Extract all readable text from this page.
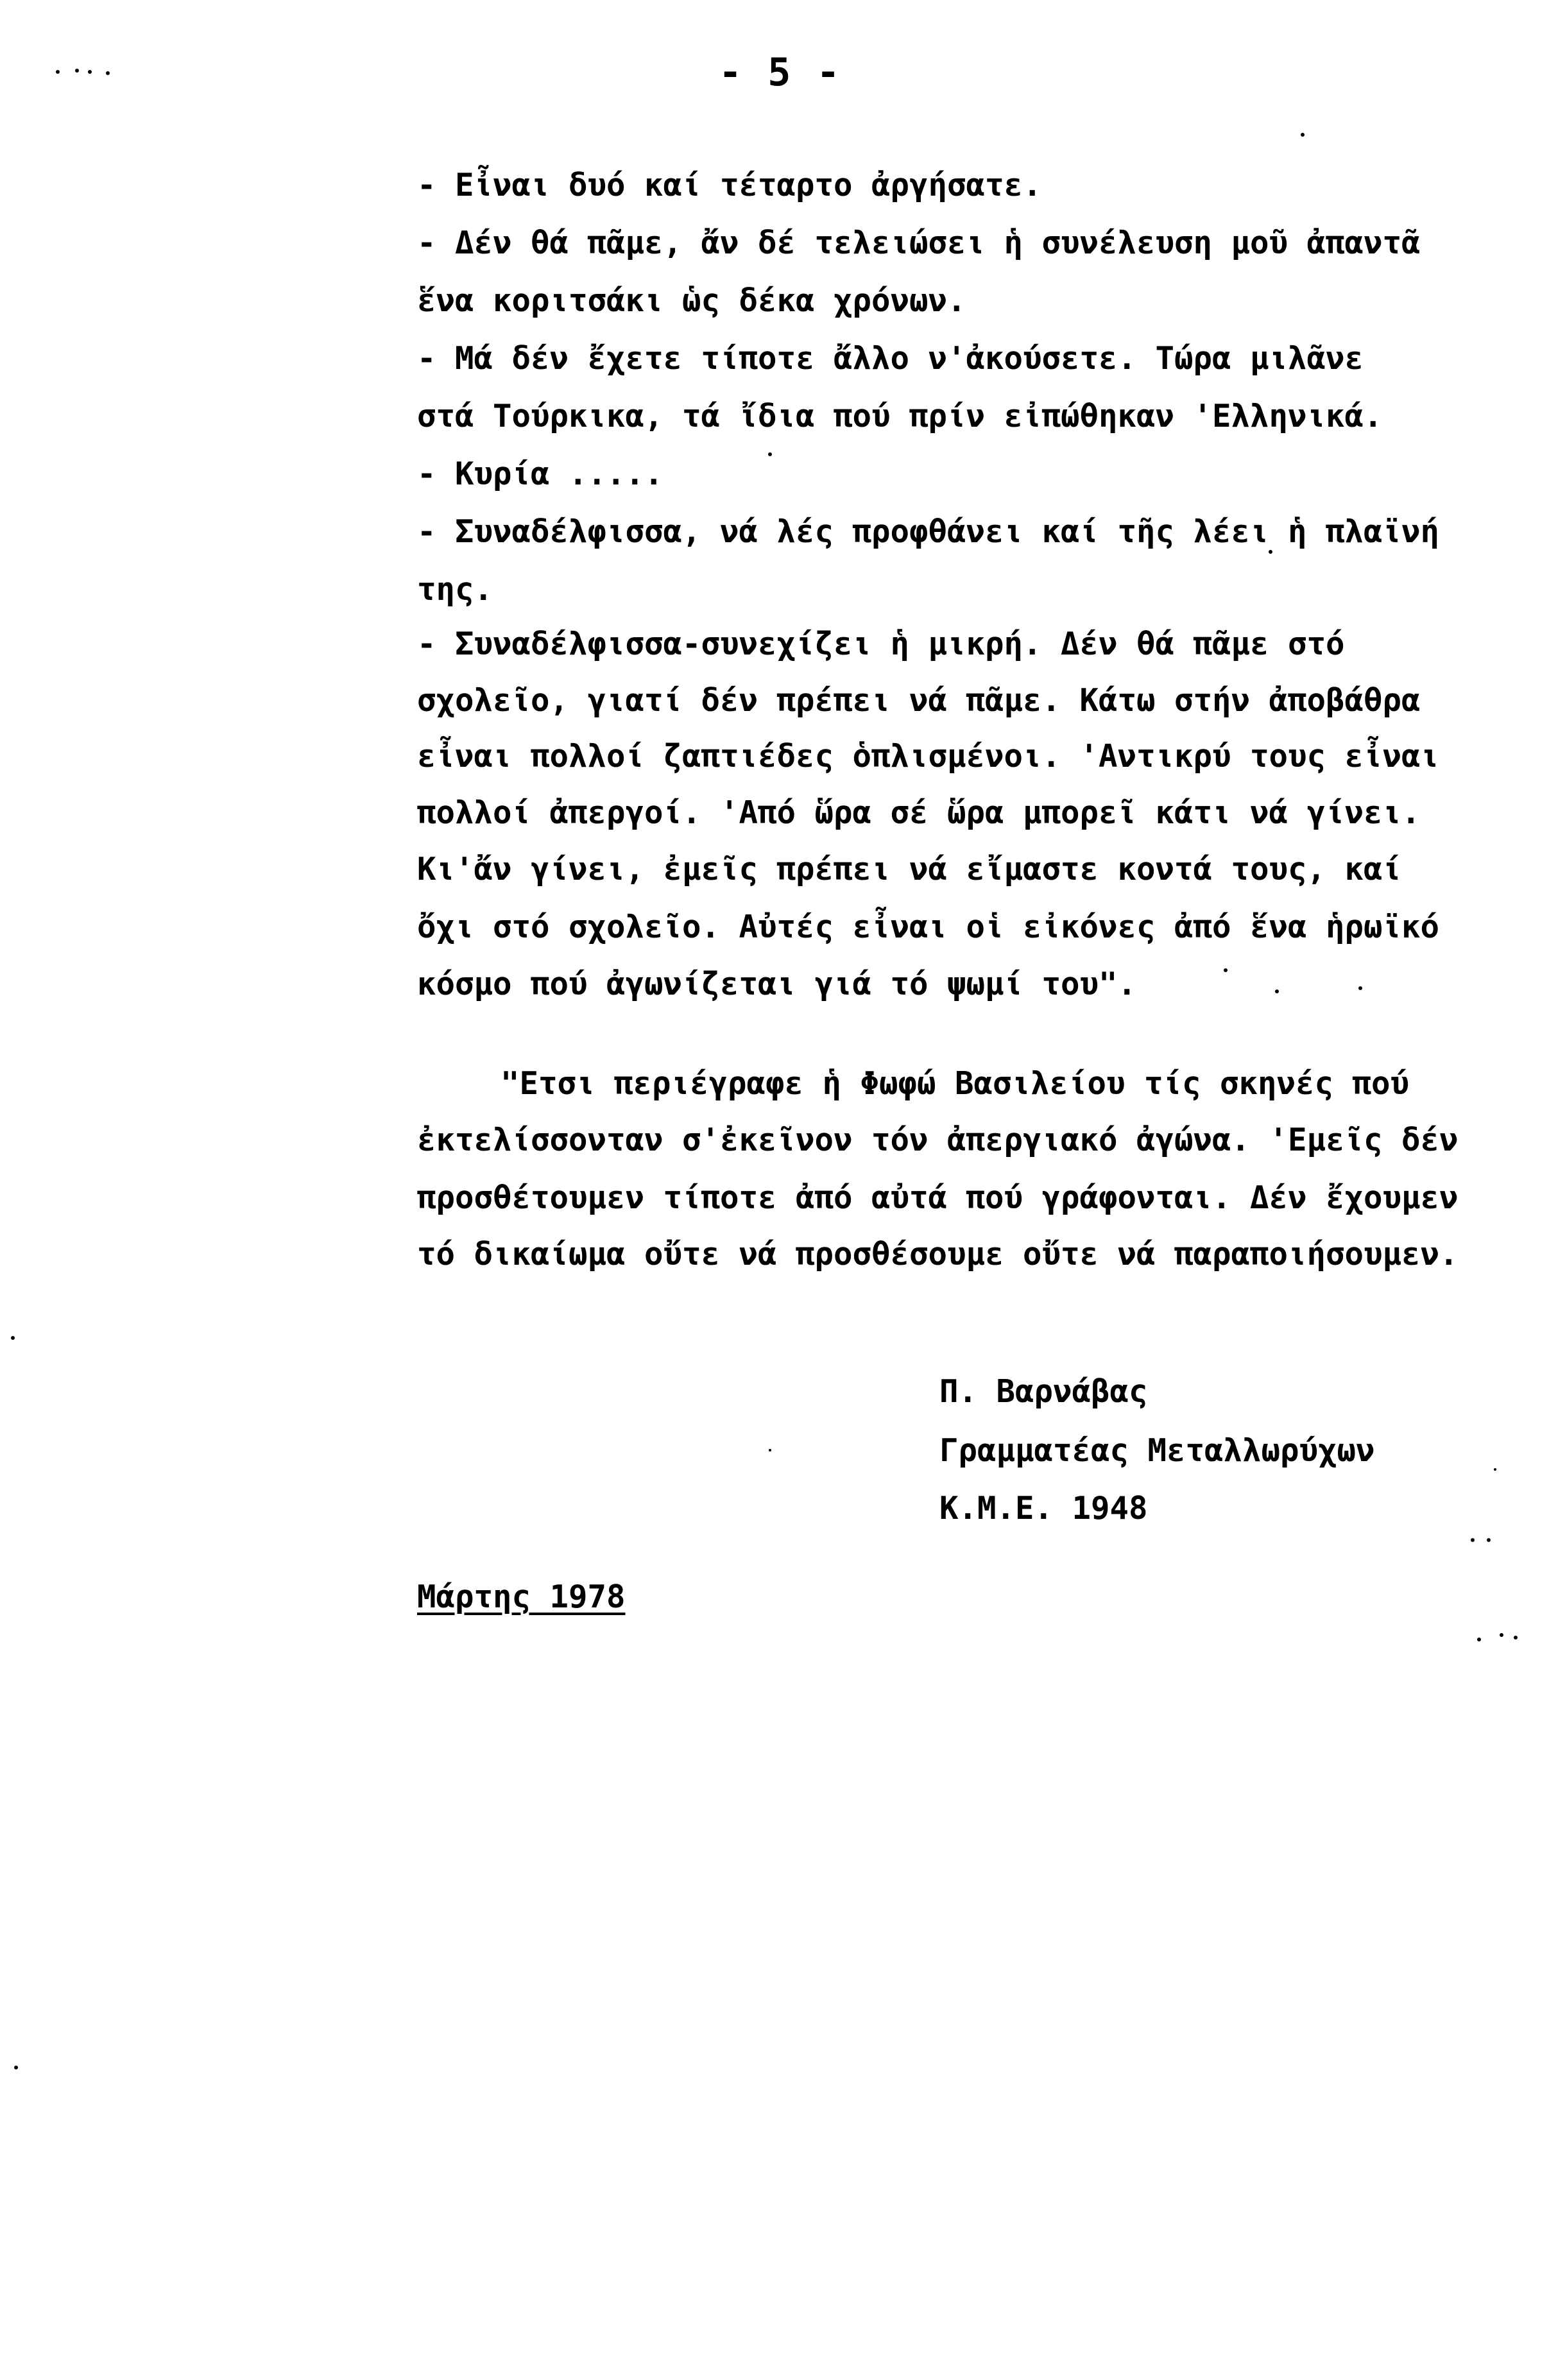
- 5 -
- Εἶναι δυό καί τέταρτο ἀργήσατε.
- Δέν θά πᾶμε, ἄν δέ τελειώσει ἡ συνέλευση μοῦ ἀπαντᾶ
ἕνα κοριτσάκι ὡς δέκα χρόνων.
- Μά δέν ἔχετε τίποτε ἄλλο ν'ἀκούσετε. Τώρα μιλᾶνε
στά Τούρκικα, τά ἴδια πού πρίν εἰπώθηκαν 'Ελληνικά.
- Κυρία .....
- Συναδέλφισσα, νά λές προφθάνει καί τῆς λέει ἡ πλαϊνή
της.
- Συναδέλφισσα-συνεχίζει ἡ μικρή. Δέν θά πᾶμε στό
σχολεῖο, γιατί δέν πρέπει νά πᾶμε. Κάτω στήν ἀποβάθρα
εἶναι πολλοί ζαπτιέδες ὁπλισμένοι. 'Αντικρύ τους εἶναι
πολλοί ἀπεργοί. 'Από ὥρα σέ ὥρα μπορεῖ κάτι νά γίνει.
Κι'ἄν γίνει, ἐμεῖς πρέπει νά εἴμαστε κοντά τους, καί
ὄχι στό σχολεῖο. Αὐτές εἶναι οἱ εἰκόνες ἀπό ἕνα ἡρωϊκό
κόσμο πού ἀγωνίζεται γιά τό ψωμί του".
"Ετσι περιέγραφε ἡ Φωφώ Βασιλείου τίς σκηνές πού
ἐκτελίσσονταν σ'ἐκεῖνον τόν ἀπεργιακό ἀγώνα. 'Εμεῖς δέν
προσθέτουμεν τίποτε ἀπό αὐτά πού γράφονται. Δέν ἔχουμεν
τό δικαίωμα οὔτε νά προσθέσουμε οὔτε νά παραποιήσουμεν.
Π. Βαρνάβας
Γραμματέας Μεταλλωρύχων
Κ.Μ.Ε. 1948
Μάρτης 1978
